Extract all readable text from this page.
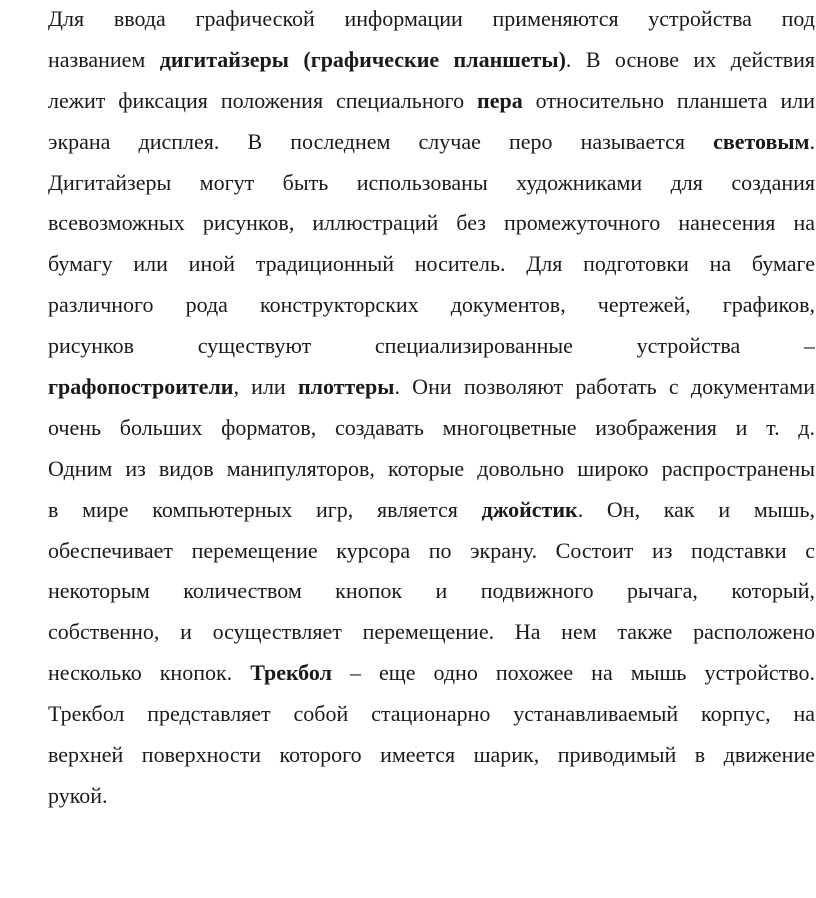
Для ввода графической информации применяются устройства под
названием дигитайзеры (графические планшеты). В основе их действия
лежит фиксация положения специального пера относительно планшета или
экрана дисплея. В последнем случае перо называется световым.
Дигитайзеры могут быть использованы художниками для создания
всевозможных рисунков, иллюстраций без промежуточного нанесения на
бумагу или иной традиционный носитель. Для подготовки на бумаге
различного рода конструкторских документов, чертежей, графиков,
рисунков существуют специализированные устройства –
графопостроители, или плоттеры. Они позволяют работать с документами
очень больших форматов, создавать многоцветные изображения и т. д.
Одним из видов манипуляторов, которые довольно широко распространены
в мире компьютерных игр, является джойстик. Он, как и мышь,
обеспечивает перемещение курсора по экрану. Состоит из подставки с
некоторым количеством кнопок и подвижного рычага, который,
собственно, и осуществляет перемещение. На нем также расположено
несколько кнопок. Трекбол – еще одно похожее на мышь устройство.
Трекбол представляет собой стационарно устанавливаемый корпус, на
верхней поверхности которого имеется шарик, приводимый в движение
рукой.
